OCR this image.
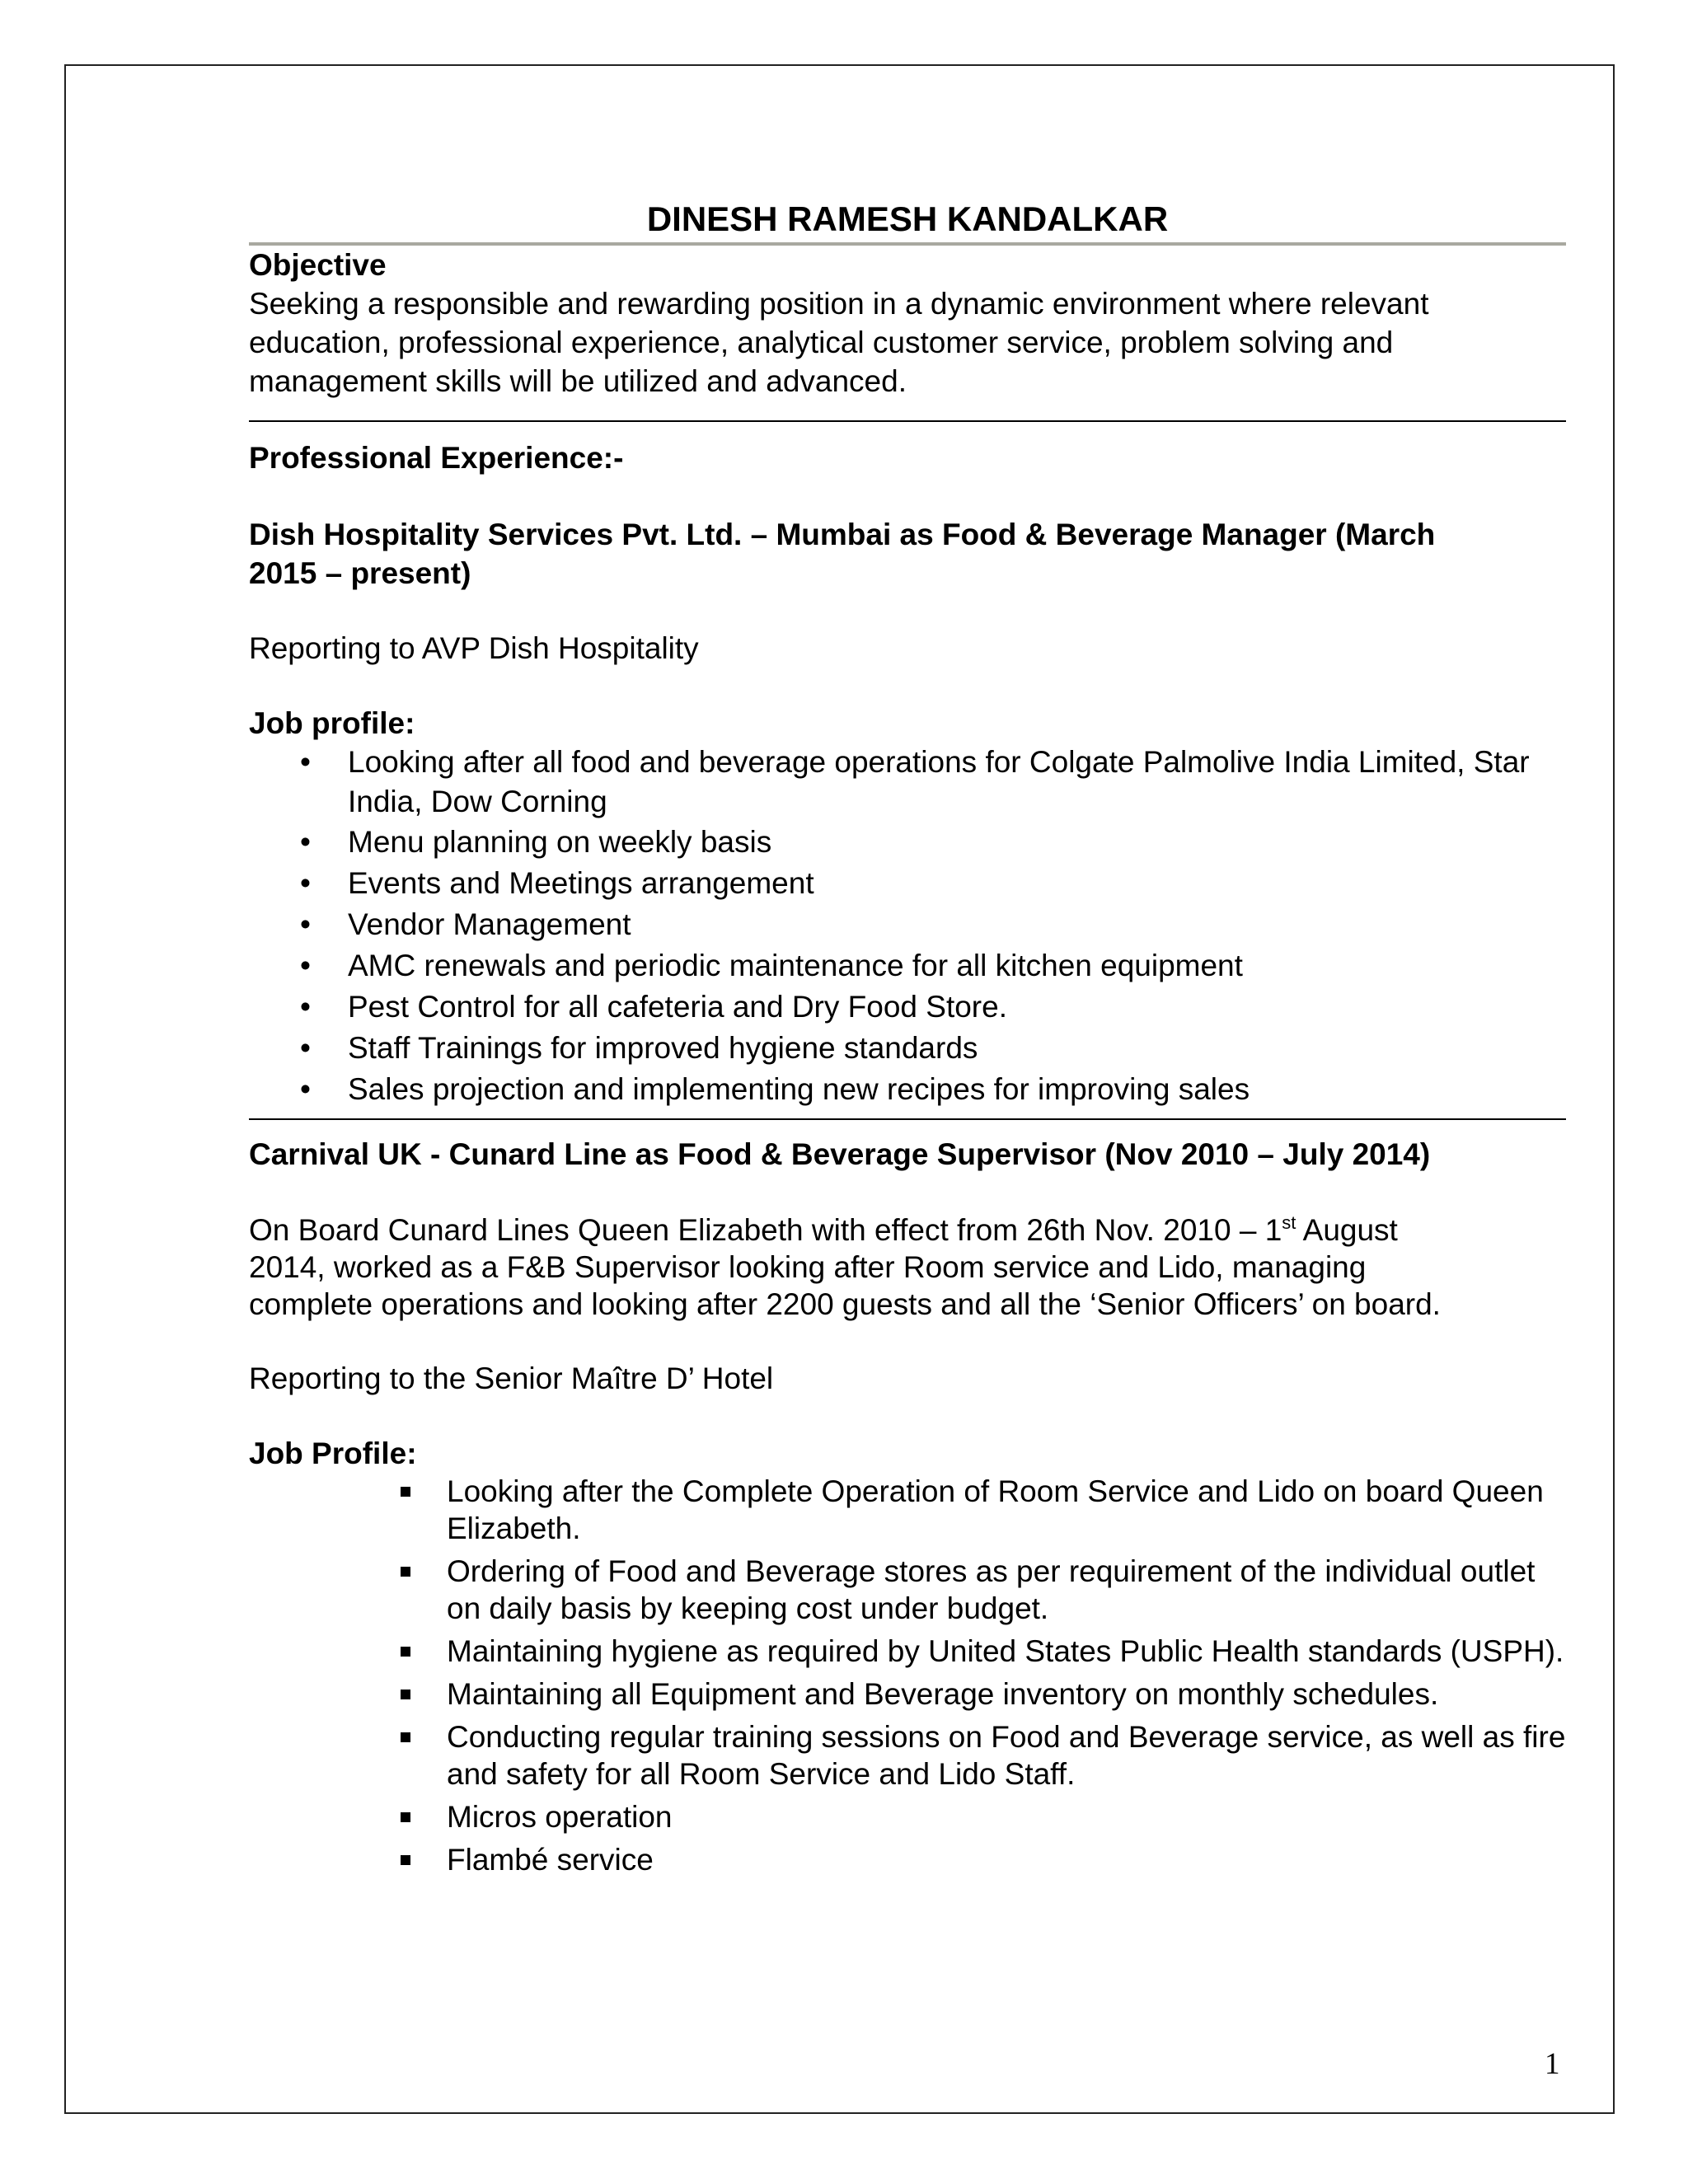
DINESH RAMESH KANDALKAR

Objective

Seeking a responsible and rewarding position in a dynamic environment where relevant education, professional experience, analytical customer service, problem solving and management skills will be utilized and advanced.

Professional Experience:-

Dish Hospitality Services Pvt. Ltd. – Mumbai as Food & Beverage Manager (March

2015 – present)

Reporting to AVP Dish Hospitality

Job profile:

• Looking after all food and beverage operations for Colgate Palmolive India Limited, Star India, Dow Corning
• Menu planning on weekly basis
• Events and Meetings arrangement
• Vendor Management
• AMC renewals and periodic maintenance for all kitchen equipment
• Pest Control for all cafeteria and Dry Food Store.
• Staff Trainings for improved hygiene standards
• Sales projection and implementing new recipes for improving sales

Carnival UK - Cunard Line as Food & Beverage Supervisor (Nov 2010 – July 2014)

On Board Cunard Lines Queen Elizabeth with effect from 26th Nov. 2010 – 1st August
2014, worked as a F&B Supervisor looking after Room service and Lido, managing
complete operations and looking after 2200 guests and all the ‘Senior Officers’ on board.

Reporting to the Senior Maître D’ Hotel

Job Profile:

Looking after the Complete Operation of Room Service and Lido on board Queen Elizabeth.
Ordering of Food and Beverage stores as per requirement of the individual outlet on daily basis by keeping cost under budget.
Maintaining hygiene as required by United States Public Health standards (USPH).
Maintaining all Equipment and Beverage inventory on monthly schedules.
Conducting regular training sessions on Food and Beverage service, as well as fire and safety for all Room Service and Lido Staff.
Micros operation
Flambé service
1
